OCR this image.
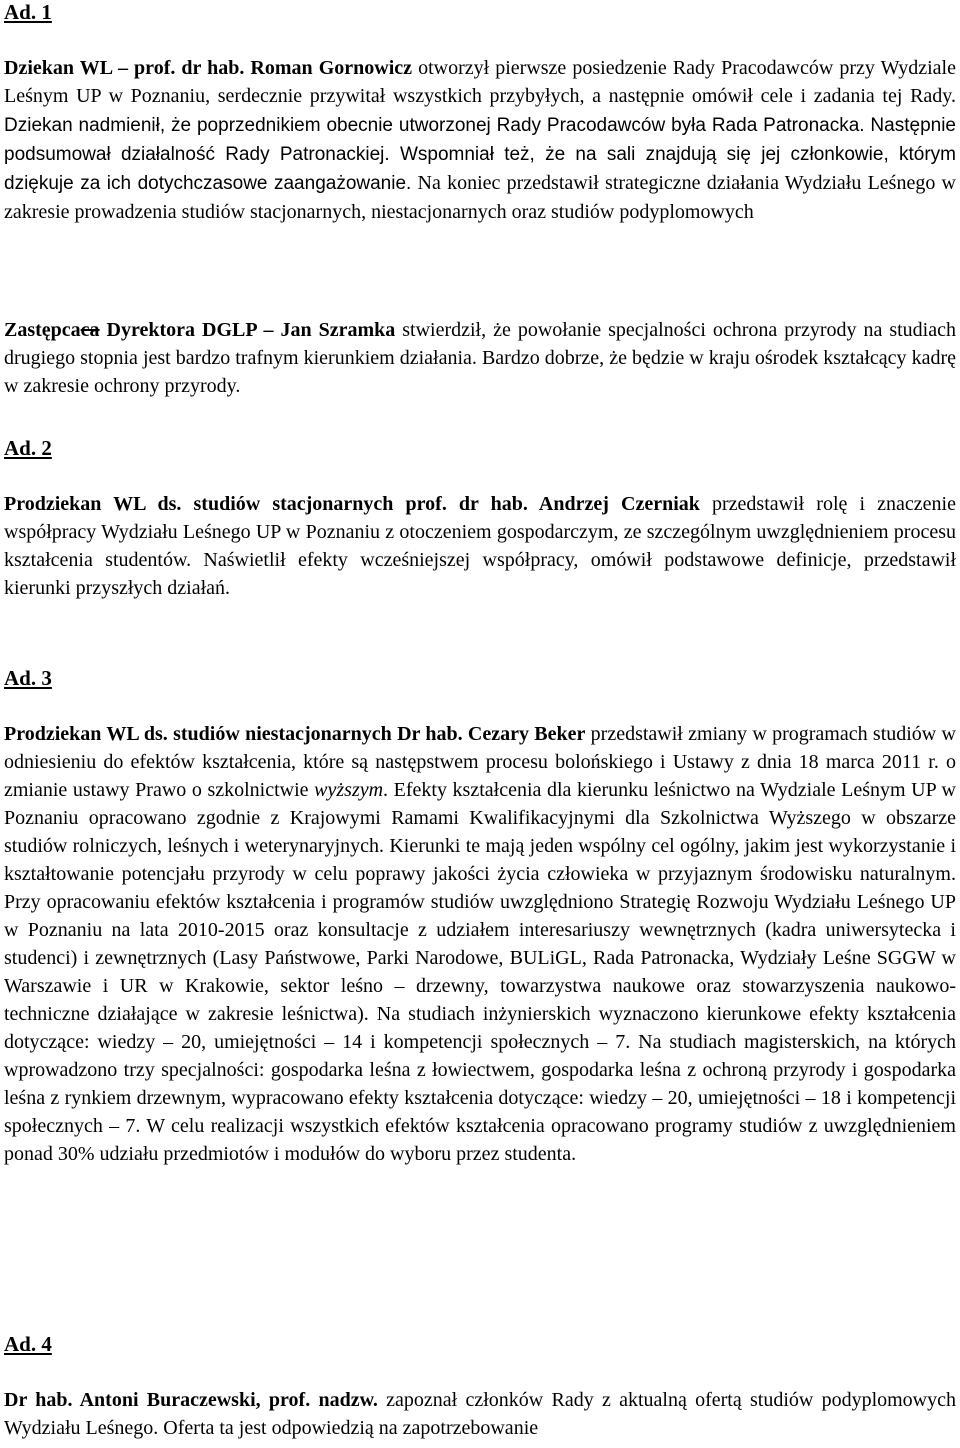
Ad. 1

Dziekan WL – prof. dr hab. Roman Gornowicz otworzył pierwsze posiedzenie Rady Pracodawców przy Wydziale Leśnym UP w Poznaniu, serdecznie przywitał wszystkich przybyłych, a następnie omówił cele i zadania tej Rady. Dziekan nadmienił, że poprzednikiem obecnie utworzonej Rady Pracodawców była Rada Patronacka. Następnie podsumował działalność Rady Patronackiej. Wspomniał też, że na sali znajdują się jej członkowie, którym dziękuje za ich dotychczasowe zaangażowanie. Na koniec przedstawił strategiczne działania Wydziału Leśnego w zakresie prowadzenia studiów stacjonarnych, niestacjonarnych oraz studiów podyplomowych

Zastępcaca Dyrektora DGLP – Jan Szramka stwierdził, że powołanie specjalności ochrona przyrody na studiach drugiego stopnia jest bardzo trafnym kierunkiem działania. Bardzo dobrze, że będzie w kraju ośrodek kształcący kadrę w zakresie ochrony przyrody.

Ad. 2

Prodziekan WL ds. studiów stacjonarnych prof. dr hab. Andrzej Czerniak przedstawił rolę i znaczenie współpracy Wydziału Leśnego UP w Poznaniu z otoczeniem gospodarczym, ze szczególnym uwzględnieniem procesu kształcenia studentów. Naświetlił efekty wcześniejszej współpracy, omówił podstawowe definicje, przedstawił kierunki przyszłych działań.

Ad. 3

Prodziekan WL ds. studiów niestacjonarnych Dr hab. Cezary Beker przedstawił zmiany w programach studiów w odniesieniu do efektów kształcenia, które są następstwem procesu bolońskiego i Ustawy z dnia 18 marca 2011 r. o zmianie ustawy Prawo o szkolnictwie wyższym. Efekty kształcenia dla kierunku leśnictwo na Wydziale Leśnym UP w Poznaniu opracowano zgodnie z Krajowymi Ramami Kwalifikacyjnymi dla Szkolnictwa Wyższego w obszarze studiów rolniczych, leśnych i weterynaryjnych. Kierunki te mają jeden wspólny cel ogólny, jakim jest wykorzystanie i kształtowanie potencjału przyrody w celu poprawy jakości życia człowieka w przyjaznym środowisku naturalnym. Przy opracowaniu efektów kształcenia i programów studiów uwzględniono Strategię Rozwoju Wydziału Leśnego UP w Poznaniu na lata 2010-2015 oraz konsultacje z udziałem interesariuszy wewnętrznych (kadra uniwersytecka i studenci) i zewnętrznych (Lasy Państwowe, Parki Narodowe, BULiGL, Rada Patronacka, Wydziały Leśne SGGW w Warszawie i UR w Krakowie, sektor leśno – drzewny, towarzystwa naukowe oraz stowarzyszenia naukowo-techniczne działające w zakresie leśnictwa). Na studiach inżynierskich wyznaczono kierunkowe efekty kształcenia dotyczące: wiedzy – 20, umiejętności – 14 i kompetencji społecznych – 7. Na studiach magisterskich, na których wprowadzono trzy specjalności: gospodarka leśna z łowiectwem, gospodarka leśna z ochroną przyrody i gospodarka leśna z rynkiem drzewnym, wypracowano efekty kształcenia dotyczące: wiedzy – 20, umiejętności – 18 i kompetencji społecznych – 7. W celu realizacji wszystkich efektów kształcenia opracowano programy studiów z uwzględnieniem ponad 30% udziału przedmiotów i modułów do wyboru przez studenta.

Ad. 4

Dr hab. Antoni Buraczewski, prof. nadzw. zapoznał członków Rady z aktualną ofertą studiów podyplomowych Wydziału Leśnego. Oferta ta jest odpowiedzią na zapotrzebowanie
